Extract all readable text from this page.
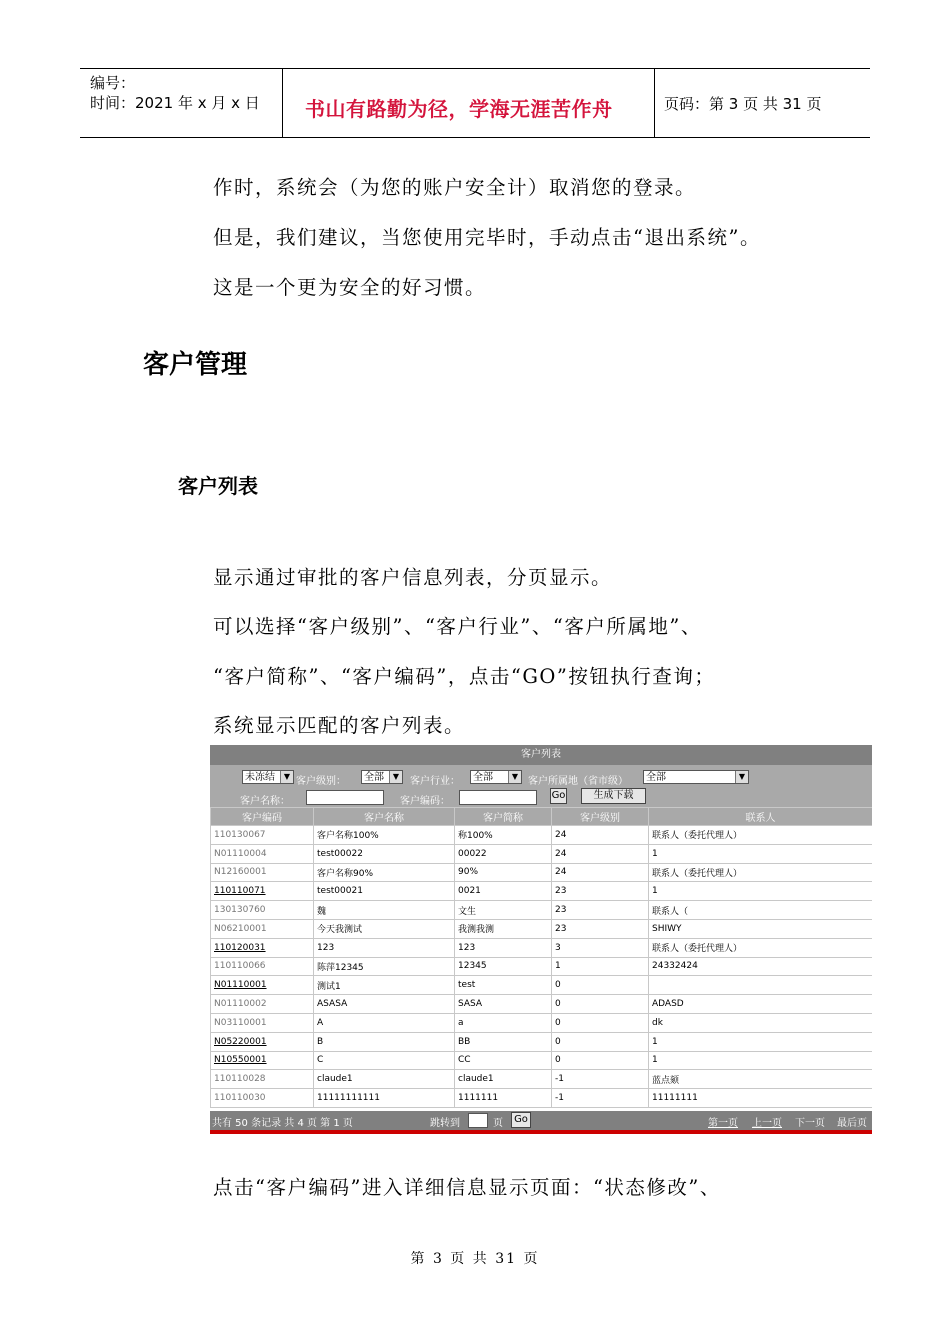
编号：
时间：2021 年 x 月 x 日	书山有路勤为径，学海无涯苦作舟	页码：第 3 页 共 31 页
作时，系统会（为您的账户安全计）取消您的登录。
但是，我们建议，当您使用完毕时，手动点击“退出系统”。
这是一个更为安全的好习惯。
客户管理
客户列表
显示通过审批的客户信息列表，分页显示。
可以选择“客户级别”、“客户行业”、“客户所属地”、
“客户简称”、“客户编码”，点击“GO”按钮执行查询；
系统显示匹配的客户列表。
客户列表
未冻结	▼ 客户级别：	全部	▼ 客户行业：	全部	▼ 客户所属地（省市级）	全部	▼
客户名称：	客户编码：
Go	生成下载
客户编码	客户名称	客户简称	客户级别	联系人
110130067	客户名称100%	称100%	24	联系人（委托代理人）
N01110004	test00022	00022	24	1
N12160001	客户名称90%	90%	24	联系人（委托代理人）
110110071	test00021	0021	23	1
130130760	魏	文生	23	联系人（
N06210001	今天我测试	我测我测	23	SHIWY
110120031	123	123	3	联系人（委托代理人）
110110066	陈萍12345	12345	1	24332424
N01110001	测试1	test	0	
N01110002	ASASA	SASA	0	ADASD
N03110001	A	a	0	dk
N05220001	B	BB	0	1
N10550001	C	CC	0	1
110110028	claude1	claude1	-1	蓝点颏
110110030	11111111111	1111111	-1	11111111
共有 50 条记录 共 4 页 第 1 页	跳转到	页	Go	第一页 上一页 下一页 最后页
点击“客户编码”进入详细信息显示页面：“状态修改”、
第 3 页 共 31 页
